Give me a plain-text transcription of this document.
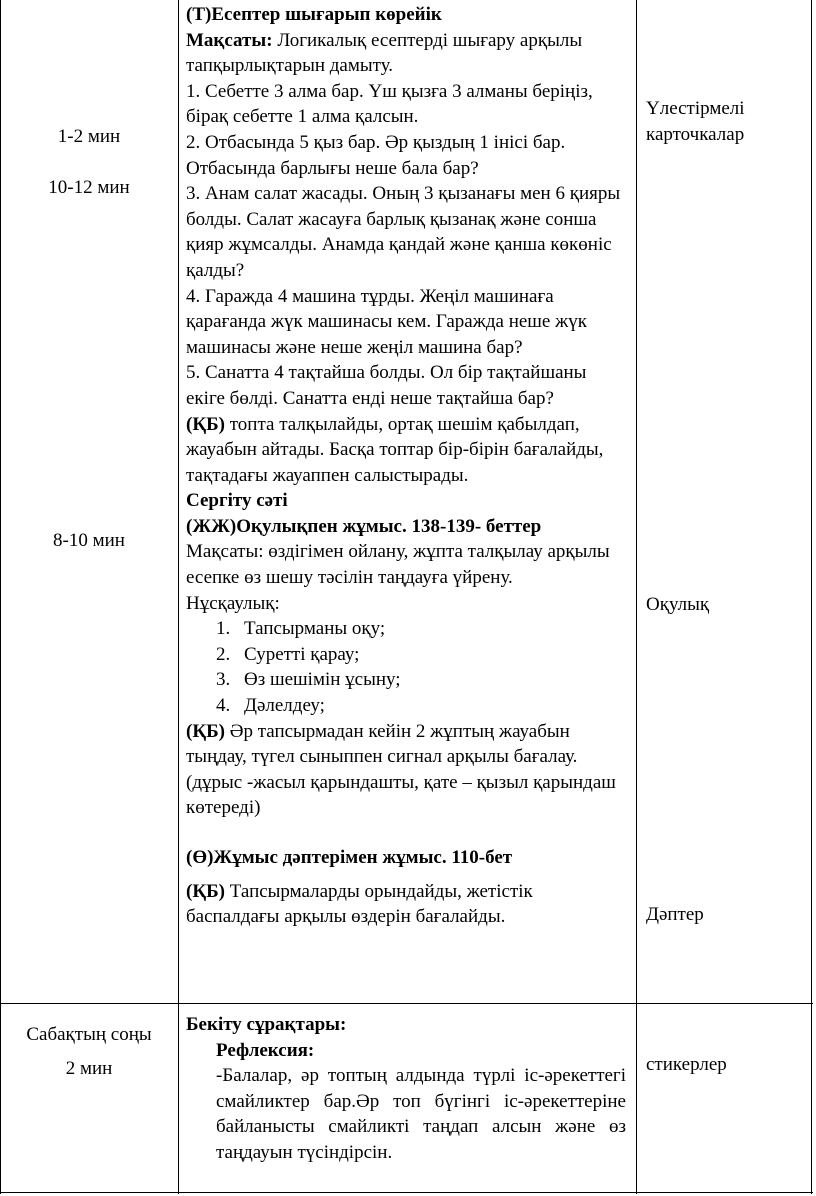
1-2 мин
10-12 мин
8-10 мин

(Т)Есептер шығарып көрейік

Мақсаты: Логикалық есептерді шығару арқылы тапқырлықтарын дамыту.

1. Себетте 3 алма бар. Үш қызға 3 алманы беріңіз, бірақ себетте 1 алма қалсын.

2. Отбасында 5 қыз бар. Әр қыздың 1 інісі бар. Отбасында барлығы неше бала бар?

3. Анам салат жасады. Оның 3 қызанағы мен 6 қияры болды. Салат жасауға барлық қызанақ және сонша қияр жұмсалды. Анамда қандай және қанша көкөніс қалды?

4. Гаражда 4 машина тұрды. Жеңіл машинаға қарағанда жүк машинасы кем. Гаражда неше жүк машинасы және неше жеңіл машина бар?

5. Санатта 4 тақтайша болды. Ол бір тақтайшаны екіге бөлді. Санатта енді неше тақтайша бар?

(ҚБ) топта талқылайды, ортақ шешім қабылдап, жауабын айтады. Басқа топтар бір-бірін бағалайды, тақтадағы жауаппен салыстырады.

Сергіту сәті

(ЖЖ)Оқулықпен жұмыс. 138-139- беттер

Мақсаты: өздігімен ойлану, жұпта талқылау арқылы есепке өз шешу тәсілін таңдауға үйрену.

Нұсқаулық:

1. Тапсырманы оқу;
2. Суретті қарау;
3. Өз шешімін ұсыну;
4. Дәлелдеу;

(ҚБ) Әр тапсырмадан кейін 2 жұптың жауабын тыңдау, түгел сыныппен сигнал арқылы бағалау. (дұрыс -жасыл қарындашты, қате – қызыл қарындаш көтереді)

(Ө)Жұмыс дәптерімен жұмыс. 110-бет

(ҚБ) Тапсырмаларды орындайды, жетістік баспалдағы арқылы өздерін бағалайды.

Үлестірмелі карточкалар
Оқулық
Дәптер
Сабақтың соңы
2 мин

Бекіту сұрақтары:

Рефлексия:

-Балалар, әр топтың алдында түрлі іс-әрекеттегі смайликтер бар.Әр топ бүгінгі іс-әрекеттеріне байланысты смайликті таңдап алсын және өз таңдауын түсіндірсін.

стикерлер
